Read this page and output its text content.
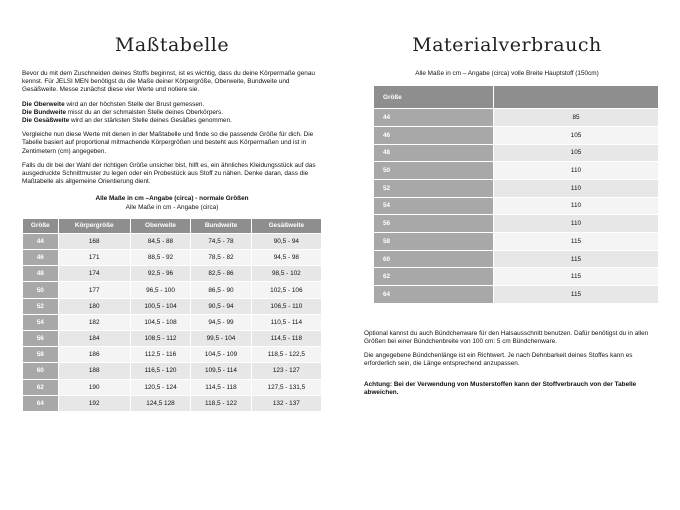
Maßtabelle

Bevor du mit dem Zuschneiden deines Stoffs beginnst, ist es wichtig, dass du deine Körpermaße genau kennst. Für JELSI MEN benötigst du die Maße deiner Körpergröße, Oberweite, Bundweite und Gesäßweite. Messe zunächst diese vier Werte und notiere sie.

Die Oberweite wird an der höchsten Stelle der Brust gemessen.
Die Bundweite misst du an der schmalsten Stelle deines Oberkörpers.
Die Gesäßweite wird an der stärksten Stelle deines Gesäßes genommen.

Vergleiche nun diese Werte mit denen in der Maßtabelle und finde so die passende Größe für dich. Die Tabelle basiert auf proportional mitmachende Körpergrößen und besteht aus Körpermaßen und ist in Zentimetern (cm) angegeben.

Falls du dir bei der Wahl der richtigen Größe unsicher bist, hilft es, ein ähnliches Kleidungsstück auf das ausgedruckte Schnittmuster zu legen oder ein Probestück aus Stoff zu nähen. Denke daran, dass die Maßtabelle als allgemeine Orientierung dient.

Alle Maße in cm –Angabe (circa) - normale Größen
Alle Maße in cm - Angabe (circa)
Größe	Körpergröße	Oberweite	Bundweite	Gesäßweite
44	168	84,5 - 88	74,5 - 78	90,5 - 94
46	171	88,5 - 92	78,5 - 82	94,5 - 98
48	174	92,5 - 96	82,5 - 86	98,5 - 102
50	177	96,5 - 100	86,5 - 90	102,5 - 106
52	180	100,5 - 104	90,5 - 94	106,5 - 110
54	182	104,5 - 108	94,5 - 99	110,5 - 114
56	184	108,5 - 112	99,5 - 104	114,5 - 118
58	186	112,5 - 116	104,5 - 109	118,5 - 122,5
60	188	116,5 - 120	109,5 - 114	123 - 127
62	190	120,5 - 124	114,5 - 118	127,5 - 131,5
64	192	124,5 128	118,5 - 122	132 - 137
Materialverbrauch
Alle Maße in cm – Angabe (circa) volle Breite Hauptstoff (150cm)
Größe	
44	85
46	105
48	105
50	110
52	110
54	110
56	110
58	115
60	115
62	115
64	115

Optional kannst du auch Bündchenware für den Halsausschnitt benutzen. Dafür benötigst du in allen Größen bei einer Bündchenbreite von 100 cm: 5 cm Bündchenware.

Die angegebene Bündchenlänge ist ein Richtwert. Je nach Dehnbarkeit deines Stoffes kann es erforderlich sein, die Länge entsprechend anzupassen.

Achtung: Bei der Verwendung von Musterstoffen kann der Stoffverbrauch von der Tabelle abweichen.
